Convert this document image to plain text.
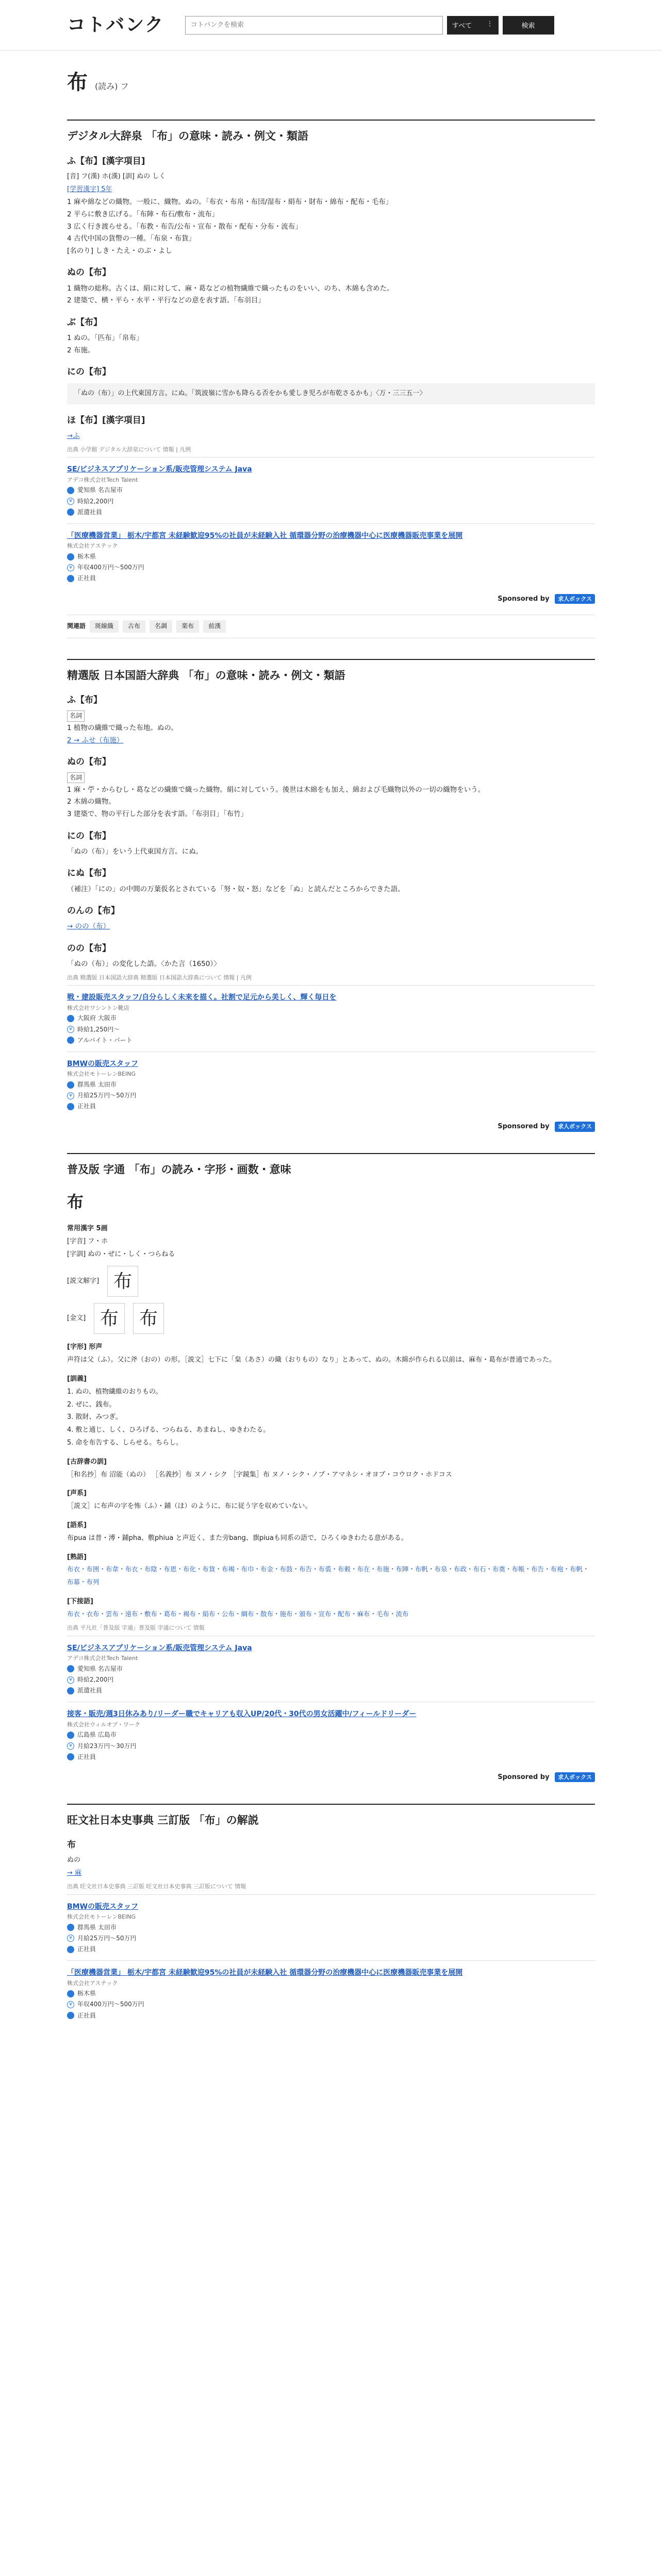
コトバンク
コトバンクを検索	すべて ⋮	検索
布 (読み) フ
デジタル大辞泉 「布」の意味・読み・例文・類語
ふ【布】[漢字項目]
[音] フ(漢) ホ(漢) [訓] ぬの しく
[学習漢字] 5年
1 麻や綿などの織物。一般に、織物。ぬの。「布衣・布帛・布団/湿布・絹布・財布・綿布・配布・毛布」
2 平らに敷き広げる。「布陣・布石/敷布・流布」
3 広く行き渡らせる。「布教・布告/公布・宣布・散布・配布・分布・流布」
4 古代中国の貨幣の一種。「布泉・布貨」
[名のり] しき・たえ・のぶ・よし
ぬの【布】
1 織物の総称。古くは、絹に対して、麻・葛などの植物繊維で織ったものをいい、のち、木綿も含めた。
2 建築で、横・平ら・水平・平行などの意を表す語。「布羽目」
ぶ【布】
1 ぬの。「匹布」「帛布」
2 布施。
にの【布】
「ぬの（布）」の上代東国方言。にぬ。「筑波嶺に雪かも降らる否をかも愛しき児ろが布乾さるかも」〈万・三三五一〉
ほ【布】[漢字項目]
→ふ
出典 小学館 デジタル大辞泉について 情報 | 凡例
SE/ビジネスアプリケーション系/販売管理システム Java
アデコ株式会社Tech Talent
愛知県 名古屋市
¥ 時給2,200円
派遣社員
「医療機器営業」 栃木/宇都宮 未経験歓迎95%の社員が未経験入社 循環器分野の治療機器中心に医療機器販売事業を展開
株式会社アステック
栃木県
¥ 年収400万円〜500万円
正社員
Sponsored by 求人ボックス
関連語	斑線織	古布	名調	楽布	前漢
精選版 日本国語大辞典 「布」の意味・読み・例文・類語
ふ【布】
名詞
1 植物の繊維で織った布地。ぬの。
2 → ふせ（布施）
ぬの【布】
名詞
1 麻・苧・からむし・葛などの繊維で織った織物。絹に対していう。後世は木綿をも加え、綿および毛織物以外の一切の織物をいう。
2 木綿の織物。
3 建築で、物の平行した部分を表す語。「布羽目」「布竹」
にの【布】
「ぬの（布）」をいう上代東国方言。にぬ。
にぬ【布】
（補注）「にの」の中間の万葉仮名とされている「努・奴・怒」などを「ぬ」と読んだところからできた語。
のんの【布】
→ のの（布）
のの【布】
「ぬの（布）」の変化した語。〈かた言（1650）〉
出典 精選版 日本国語大辞典 精選版 日本国語大辞典について 情報 | 凡例
戦・建設販売スタッフ/自分らしく未来を描く。社割で足元から美しく、輝く毎日を
株式会社ワシントン靴店
大阪府 大阪市
¥ 時給1,250円〜
アルバイト・パート
BMWの販売スタッフ
株式会社モトーレンBEING
群馬県 太田市
¥ 月給25万円〜50万円
正社員
Sponsored by 求人ボックス
普及版 字通 「布」の読み・字形・画数・意味
布
常用漢字 5画
[字音] フ・ホ
[字訓] ぬの・ぜに・しく・つらねる
[説文解字] 布
[金文] 布	布
[字形] 形声
声符は父（ふ）。父に斧（おの）の形。［説文］七下に「枲（あさ）の織（おりもの）なり」とあって、ぬの。木綿が作られる以前は、麻布・葛布が普通であった。
[訓義]
1. ぬの、植物繊維のおりもの。
2. ぜに、銭布。
3. 散財、みつぎ。
4. 敷と通じ、しく、ひろげる、つらねる、あまねし、ゆきわたる。
5. 命を布告する、しらせる。ちらし。
[古辞書の訓]
［和名抄］布 沼能（ぬの） ［名義抄］布 ヌノ・シク ［字鏡集］布 ヌノ・シク・ノブ・アマネシ・オヨブ・コウロク・ホドコス
[声系]
［説文］に布声の字を怖（ふ）・鋪（ほ）のように、布に従う字を収めていない。
[語系]
布pua は普・溥・鋪pha、敷phiua と声近く、また旁bang、旗piuaも同系の語で、ひろくゆきわたる意がある。
[熟語]
布衣・布囲・布韋・布衣・布陰・布恩・布化・布貨・布褐・布巾・布金・布鼓・布告・布裘・布穀・布在・布施・布陣・布帆・布泉・布政・布石・布奠・布帳・布告・布袍・布帆・布幕・布列
[下接語]
布衣・衣布・雲布・遠布・敷布・葛布・褐布・絹布・公布・綱布・散布・施布・頒布・宣布・配布・麻布・毛布・流布
出典 平凡社「普及版 字通」普及版 字通について 情報
SE/ビジネスアプリケーション系/販売管理システム Java
アデコ株式会社Tech Talent
愛知県 名古屋市
¥ 時給2,200円
派遣社員
接客・販売/週3日休みあり/リーダー職でキャリアも収入UP/20代・30代の男女活躍中/フィールドリーダー
株式会社ウィルオブ・ワーク
広島県 広島市
¥ 月給23万円〜30万円
正社員
Sponsored by 求人ボックス
旺文社日本史事典 三訂版 「布」の解説
布
ぬの
→ 麻
出典 旺文社日本史事典 三訂版 旺文社日本史事典 三訂版について 情報
BMWの販売スタッフ
株式会社モトーレンBEING
群馬県 太田市
¥ 月給25万円〜50万円
正社員
「医療機器営業」 栃木/宇都宮 未経験歓迎95%の社員が未経験入社 循環器分野の治療機器中心に医療機器販売事業を展開
株式会社アステック
栃木県
¥ 年収400万円〜500万円
正社員
